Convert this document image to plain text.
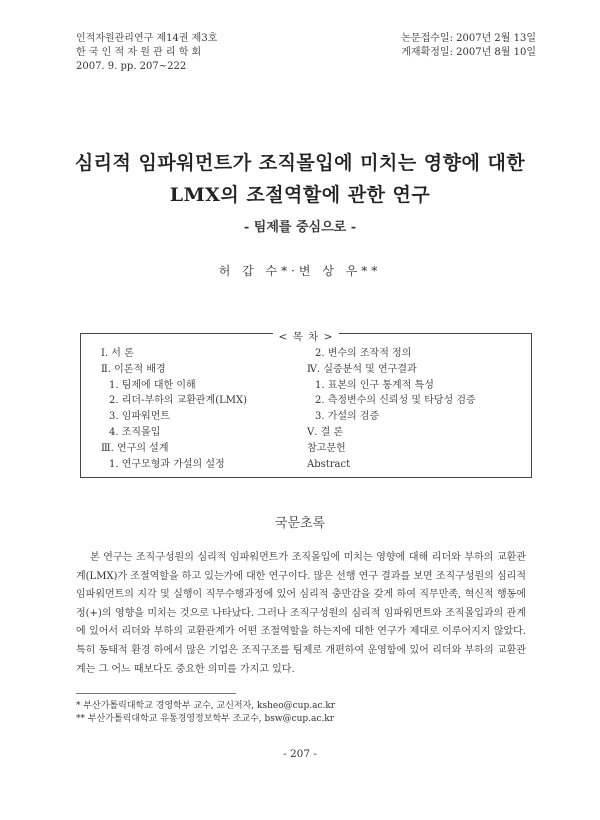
인적자원관리연구 제14권 제3호
한 국 인 적 자 원 관 리 학 회
2007. 9. pp. 207~222
논문접수일: 2007년 2월 13일
게재확정일: 2007년 8월 10일
심리적 임파워먼트가 조직몰입에 미치는 영향에 대한
LMX의 조절역할에 관한 연구
- 팀제를 중심으로 -
허 갑 수*·변 상 우**
< 목 차 >
Ⅰ. 서 론
Ⅱ. 이론적 배경
1. 팀제에 대한 이해
2. 리더-부하의 교환관계(LMX)
3. 임파워먼트
4. 조직몰입
Ⅲ. 연구의 설계
1. 연구모형과 가설의 설정
2. 변수의 조작적 정의
Ⅳ. 실증분석 및 연구결과
1. 표본의 인구 통계적 특성
2. 측정변수의 신뢰성 및 타당성 검증
3. 가설의 검증
Ⅴ. 결 론
참고문헌
Abstract
국문초록
본 연구는 조직구성원의 심리적 임파워먼트가 조직몰입에 미치는 영향에 대해 리더와 부하의 교환관계(LMX)가 조절역할을 하고 있는가에 대한 연구이다. 많은 선행 연구 결과를 보면 조직구성원의 심리적 임파워먼트의 지각 및 실행이 직무수행과정에 있어 심리적 충만감을 갖게 하여 직무만족, 혁신적 행동에 정(+)의 영향을 미치는 것으로 나타났다. 그러나 조직구성원의 심리적 임파워먼트와 조직몰입과의 관계에 있어서 리더와 부하의 교환관계가 어떤 조절역할을 하는지에 대한 연구가 제대로 이루어지지 않았다. 특히 동태적 환경 하에서 많은 기업은 조직구조를 팀제로 개편하여 운영함에 있어 리더와 부하의 교환관계는 그 어느 때보다도 중요한 의미를 가지고 있다.
* 부산가톨릭대학교 경영학부 교수, 교신저자, ksheo@cup.ac.kr
** 부산가톨릭대학교 유통경영정보학부 조교수, bsw@cup.ac.kr
- 207 -
